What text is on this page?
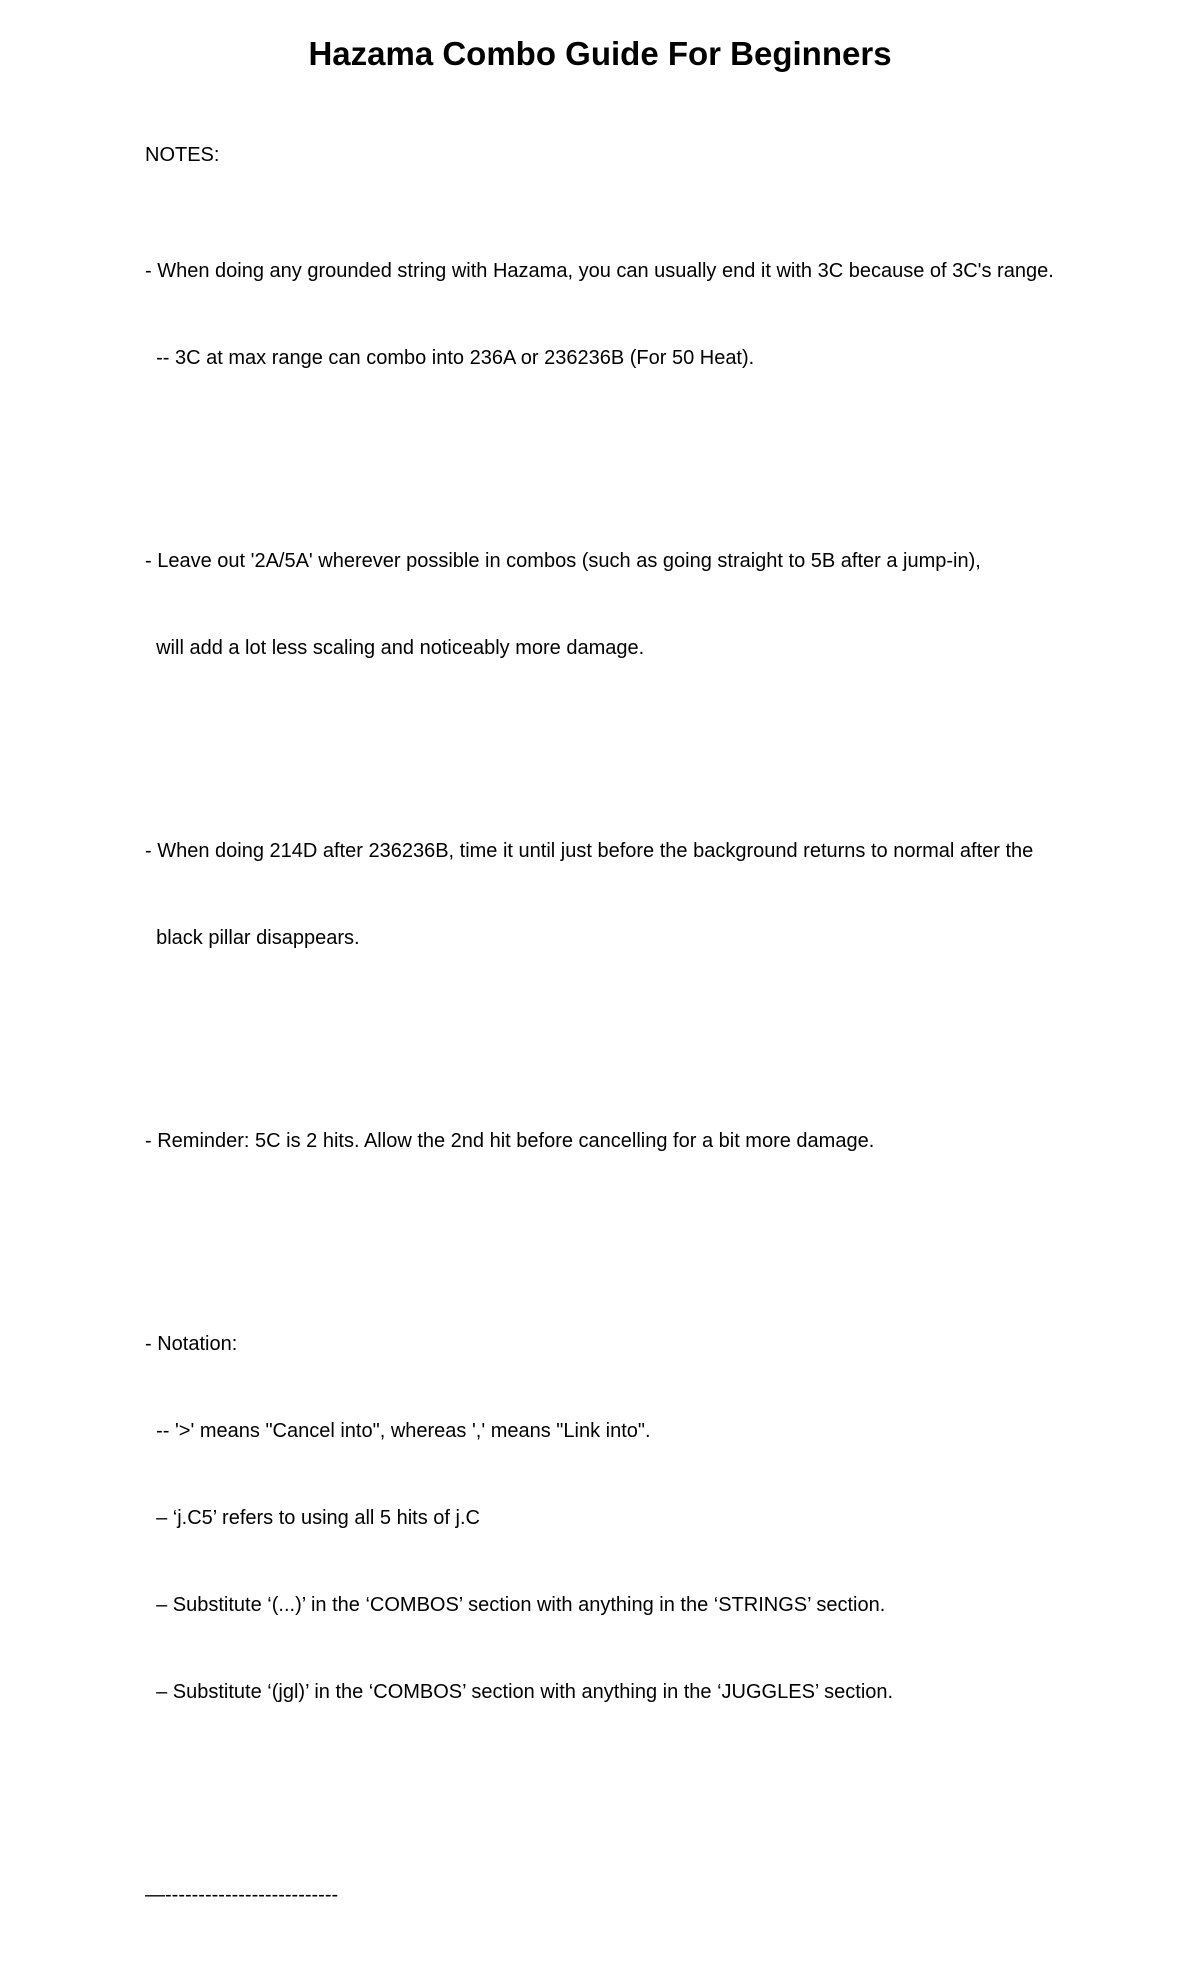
Hazama Combo Guide For Beginners

NOTES:

- When doing any grounded string with Hazama, you can usually end it with 3C because of 3C's range.

-- 3C at max range can combo into 236A or 236236B (For 50 Heat).

- Leave out '2A/5A' wherever possible in combos (such as going straight to 5B after a jump-in),

will add a lot less scaling and noticeably more damage.

- When doing 214D after 236236B, time it until just before the background returns to normal after the

black pillar disappears.

- Reminder: 5C is 2 hits. Allow the 2nd hit before cancelling for a bit more damage.

- Notation:

-- '>' means "Cancel into", whereas ',' means "Link into".

– ‘j.C5’ refers to using all 5 hits of j.C

– Substitute ‘(...)’ in the ‘COMBOS’ section with anything in the ‘STRINGS’ section.

– Substitute ‘(jgl)’ in the ‘COMBOS’ section with anything in the ‘JUGGLES’ section.

—--------------------------
